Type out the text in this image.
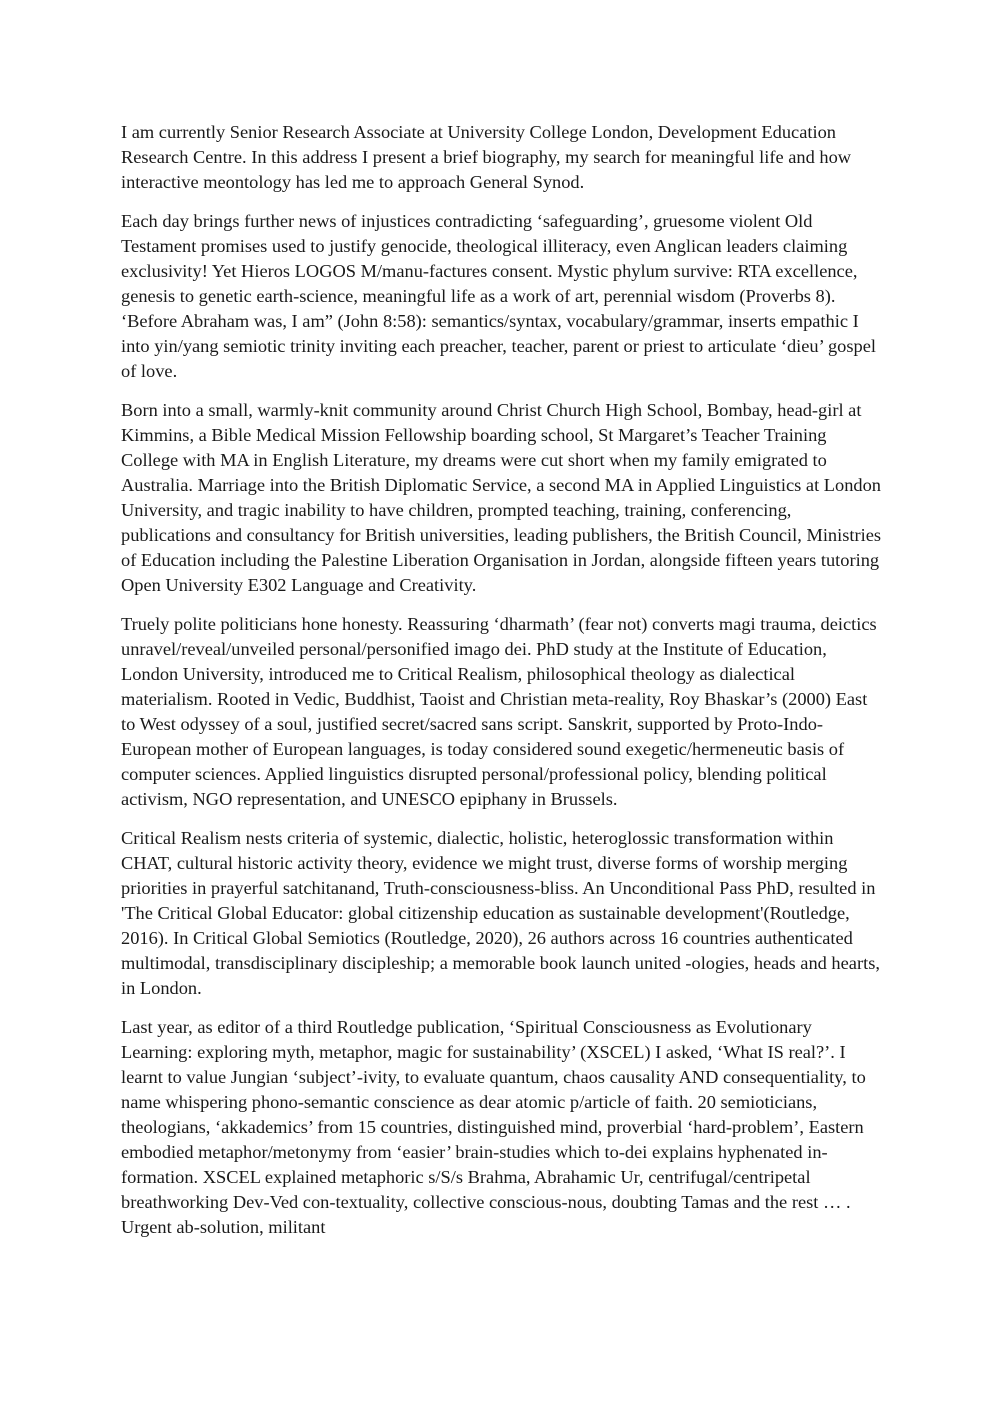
I am currently Senior Research Associate at University College London, Development Education Research Centre. In this address I present a brief biography, my search for meaningful life and how interactive meontology has led me to approach General Synod.

Each day brings further news of injustices contradicting ‘safeguarding’, gruesome violent Old Testament promises used to justify genocide, theological illiteracy, even Anglican leaders claiming exclusivity! Yet Hieros LOGOS M/manu-factures consent. Mystic phylum survive: RTA excellence, genesis to genetic earth-science, meaningful life as a work of art, perennial wisdom (Proverbs 8). ‘Before Abraham was, I am” (John 8:58): semantics/syntax, vocabulary/grammar, inserts empathic I into yin/yang semiotic trinity inviting each preacher, teacher, parent or priest to articulate ‘dieu’ gospel of love.

Born into a small, warmly-knit community around Christ Church High School, Bombay, head-girl at Kimmins, a Bible Medical Mission Fellowship boarding school, St Margaret’s Teacher Training College with MA in English Literature, my dreams were cut short when my family emigrated to Australia. Marriage into the British Diplomatic Service, a second MA in Applied Linguistics at London University, and tragic inability to have children, prompted teaching, training, conferencing, publications and consultancy for British universities, leading publishers, the British Council, Ministries of Education including the Palestine Liberation Organisation in Jordan, alongside fifteen years tutoring Open University E302 Language and Creativity.

Truely polite politicians hone honesty. Reassuring ‘dharmath’ (fear not) converts magi trauma, deictics unravel/reveal/unveiled personal/personified imago dei. PhD study at the Institute of Education, London University, introduced me to Critical Realism, philosophical theology as dialectical materialism. Rooted in Vedic, Buddhist, Taoist and Christian meta-reality, Roy Bhaskar’s (2000) East to West odyssey of a soul, justified secret/sacred sans script. Sanskrit, supported by Proto-Indo-European mother of European languages, is today considered sound exegetic/hermeneutic basis of computer sciences. Applied linguistics disrupted personal/professional policy, blending political activism, NGO representation, and UNESCO epiphany in Brussels.

Critical Realism nests criteria of systemic, dialectic, holistic, heteroglossic transformation within CHAT, cultural historic activity theory, evidence we might trust, diverse forms of worship merging priorities in prayerful satchitanand, Truth-consciousness-bliss. An Unconditional Pass PhD, resulted in 'The Critical Global Educator: global citizenship education as sustainable development'(Routledge, 2016). In Critical Global Semiotics (Routledge, 2020), 26 authors across 16 countries authenticated multimodal, transdisciplinary discipleship; a memorable book launch united -ologies, heads and hearts, in London.

Last year, as editor of a third Routledge publication, ‘Spiritual Consciousness as Evolutionary Learning: exploring myth, metaphor, magic for sustainability’ (XSCEL) I asked, ‘What IS real?’. I learnt to value Jungian ‘subject’-ivity, to evaluate quantum, chaos causality AND consequentiality, to name whispering phono-semantic conscience as dear atomic p/article of faith. 20 semioticians, theologians, ‘akkademics’ from 15 countries, distinguished mind, proverbial ‘hard-problem’, Eastern embodied metaphor/metonymy from ‘easier’ brain-studies which to-dei explains hyphenated in-formation. XSCEL explained metaphoric s/S/s Brahma, Abrahamic Ur, centrifugal/centripetal breathworking Dev-Ved con-textuality, collective conscious-nous, doubting Tamas and the rest … . Urgent ab-solution, militant
